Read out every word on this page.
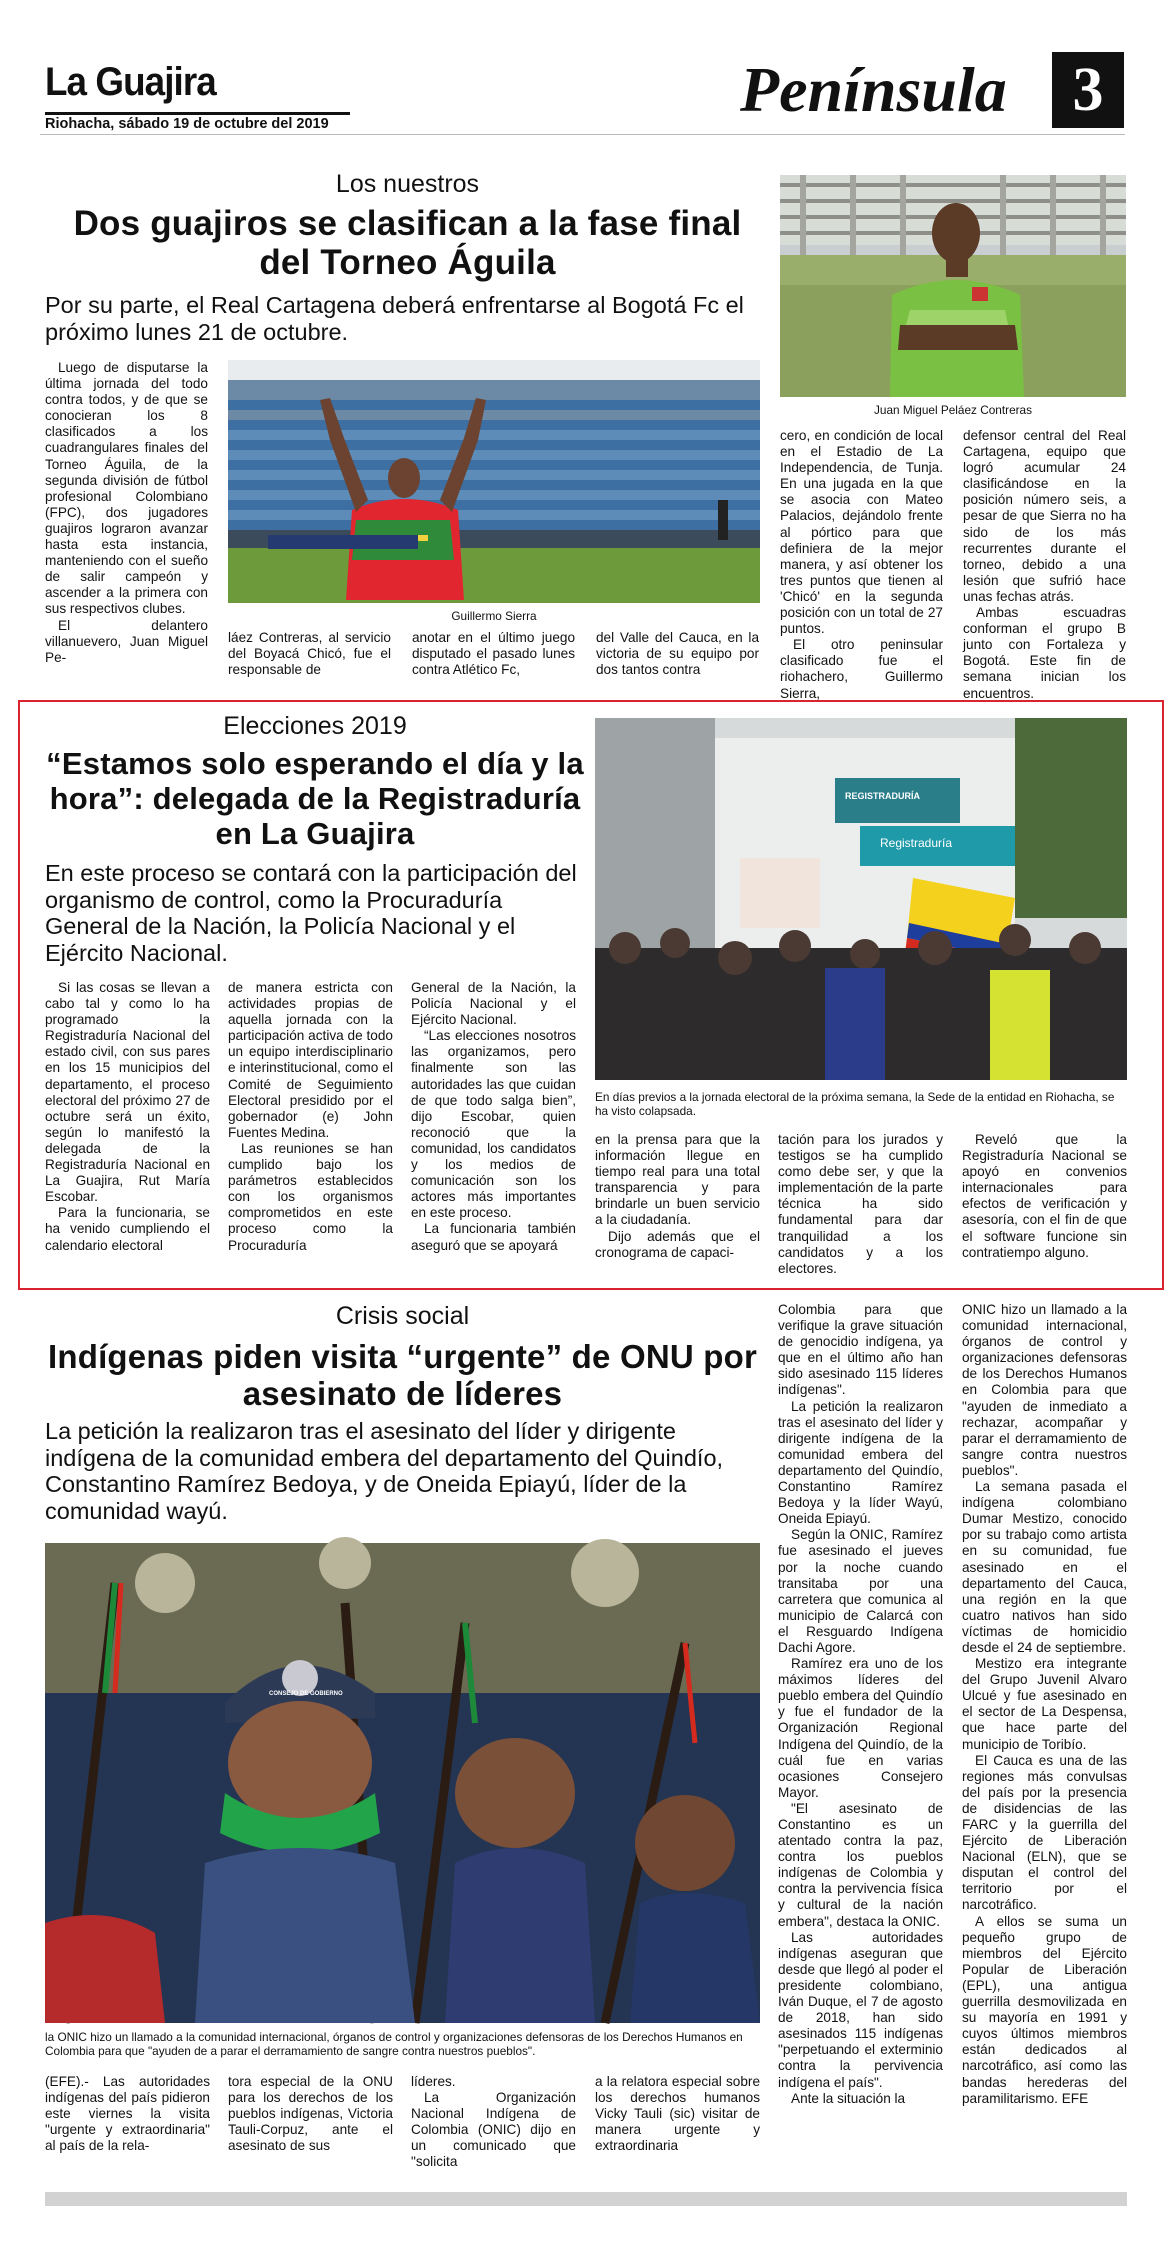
La Guajira
Riohacha, sábado 19 de octubre del 2019	Península	3
Los nuestros
Dos guajiros se clasifican a la fase final del Torneo Águila
Por su parte, el Real Cartagena deberá enfrentarse al Bogotá Fc el próximo lunes 21 de octubre.
Juan Miguel Peláez Contreras
Guillermo Sierra

Luego de disputarse la última jornada del todo contra todos, y de que se conocieran los 8 clasificados a los cuadrangulares finales del Torneo Águila, de la segunda división de fútbol profesional Colombiano (FPC), dos jugadores guajiros lograron avanzar hasta esta instancia, manteniendo con el sueño de salir campeón y ascender a la primera con sus respectivos clubes.

El delantero villanuevero, Juan Miguel Pe-

láez Contreras, al servicio del Boyacá Chicó, fue el responsable de

anotar en el último juego disputado el pasado lunes contra Atlético Fc,

del Valle del Cauca, en la victoria de su equipo por dos tantos contra

cero, en condición de local en el Estadio de La Independencia, de Tunja. En una jugada en la que se asocia con Mateo Palacios, dejándolo frente al pórtico para que definiera de la mejor manera, y así obtener los tres puntos que tienen al 'Chicó' en la segunda posición con un total de 27 puntos.

El otro peninsular clasificado fue el riohachero, Guillermo Sierra,

defensor central del Real Cartagena, equipo que logró acumular 24 clasificándose en la posición número seis, a pesar de que Sierra no ha sido de los más recurrentes durante el torneo, debido a una lesión que sufrió hace unas fechas atrás.

Ambas escuadras conforman el grupo B junto con Fortaleza y Bogotá. Este fin de semana inician los encuentros.

Elecciones 2019
“Estamos solo esperando el día y la hora”: delegada de la Registraduría en La Guajira
En este proceso se contará con la participación del organismo de control, como la Procuraduría General de la Nación, la Policía Nacional y el Ejército Nacional.
REGISTRADURÍA
Registraduría
En días previos a la jornada electoral de la próxima semana, la Sede de la entidad en Riohacha, se ha visto colapsada.

Si las cosas se llevan a cabo tal y como lo ha programado la Registraduría Nacional del estado civil, con sus pares en los 15 municipios del departamento, el proceso electoral del próximo 27 de octubre será un éxito, según lo manifestó la delegada de la Registraduría Nacional en La Guajira, Rut María Escobar.

Para la funcionaria, se ha venido cumpliendo el calendario electoral

de manera estricta con actividades propias de aquella jornada con la participación activa de todo un equipo interdisciplinario e interinstitucional, como el Comité de Seguimiento Electoral presidido por el gobernador (e) John Fuentes Medina.

Las reuniones se han cumplido bajo los parámetros establecidos con los organismos comprometidos en este proceso como la Procuraduría

General de la Nación, la Policía Nacional y el Ejército Nacional.

“Las elecciones nosotros las organizamos, pero finalmente son las autoridades las que cuidan de que todo salga bien”, dijo Escobar, quien reconoció que la comunidad, los candidatos y los medios de comunicación son los actores más importantes en este proceso.

La funcionaria también aseguró que se apoyará

en la prensa para que la información llegue en tiempo real para una total transparencia y para brindarle un buen servicio a la ciudadanía.

Dijo además que el cronograma de capaci-

tación para los jurados y testigos se ha cumplido como debe ser, y que la implementación de la parte técnica ha sido fundamental para dar tranquilidad a los candidatos y a los electores.

Reveló que la Registraduría Nacional se apoyó en convenios internacionales para efectos de verificación y asesoría, con el fin de que el software funcione sin contratiempo alguno.

Crisis social
Indígenas piden visita “urgente” de ONU por asesinato de líderes
La petición la realizaron tras el asesinato del líder y dirigente indígena de la comunidad embera del departamento del Quindío, Constantino Ramírez Bedoya, y de Oneida Epiayú, líder de la comunidad wayú.
CONSEJO DE GOBIERNO
la ONIC hizo un llamado a la comunidad internacional, órganos de control y organizaciones defensoras de los Derechos Humanos en Colombia para que "ayuden de a parar el derramamiento de sangre contra nuestros pueblos".

(EFE).- Las autoridades indígenas del país pidieron este viernes la visita "urgente y extraordinaria" al país de la rela-

tora especial de la ONU para los derechos de los pueblos indígenas, Victoria Tauli-Corpuz, ante el asesinato de sus

líderes.

La Organización Nacional Indígena de Colombia (ONIC) dijo en un comunicado que "solicita

a la relatora especial sobre los derechos humanos Vicky Tauli (sic) visitar de manera urgente y extraordinaria

Colombia para que verifique la grave situación de genocidio indígena, ya que en el último año han sido asesinado 115 líderes indígenas".

La petición la realizaron tras el asesinato del líder y dirigente indígena de la comunidad embera del departamento del Quindío, Constantino Ramírez Bedoya y la líder Wayú, Oneida Epiayú.

Según la ONIC, Ramírez fue asesinado el jueves por la noche cuando transitaba por una carretera que comunica al municipio de Calarcá con el Resguardo Indígena Dachi Agore.

Ramírez era uno de los máximos líderes del pueblo embera del Quindío y fue el fundador de la Organización Regional Indígena del Quindío, de la cuál fue en varias ocasiones Consejero Mayor.

"El asesinato de Constantino es un atentado contra la paz, contra los pueblos indígenas de Colombia y contra la pervivencia física y cultural de la nación embera", destaca la ONIC.

Las autoridades indígenas aseguran que desde que llegó al poder el presidente colombiano, Iván Duque, el 7 de agosto de 2018, han sido asesinados 115 indígenas "perpetuando el exterminio contra la pervivencia indígena el país".

Ante la situación la

ONIC hizo un llamado a la comunidad internacional, órganos de control y organizaciones defensoras de los Derechos Humanos en Colombia para que "ayuden de inmediato a rechazar, acompañar y parar el derramamiento de sangre contra nuestros pueblos".

La semana pasada el indígena colombiano Dumar Mestizo, conocido por su trabajo como artista en su comunidad, fue asesinado en el departamento del Cauca, una región en la que cuatro nativos han sido víctimas de homicidio desde el 24 de septiembre.

Mestizo era integrante del Grupo Juvenil Alvaro Ulcué y fue asesinado en el sector de La Despensa, que hace parte del municipio de Toribío.

El Cauca es una de las regiones más convulsas del país por la presencia de disidencias de las FARC y la guerrilla del Ejército de Liberación Nacional (ELN), que se disputan el control del territorio por el narcotráfico.

A ellos se suma un pequeño grupo de miembros del Ejército Popular de Liberación (EPL), una antigua guerrilla desmovilizada en su mayoría en 1991 y cuyos últimos miembros están dedicados al narcotráfico, así como las bandas herederas del paramilitarismo. EFE
